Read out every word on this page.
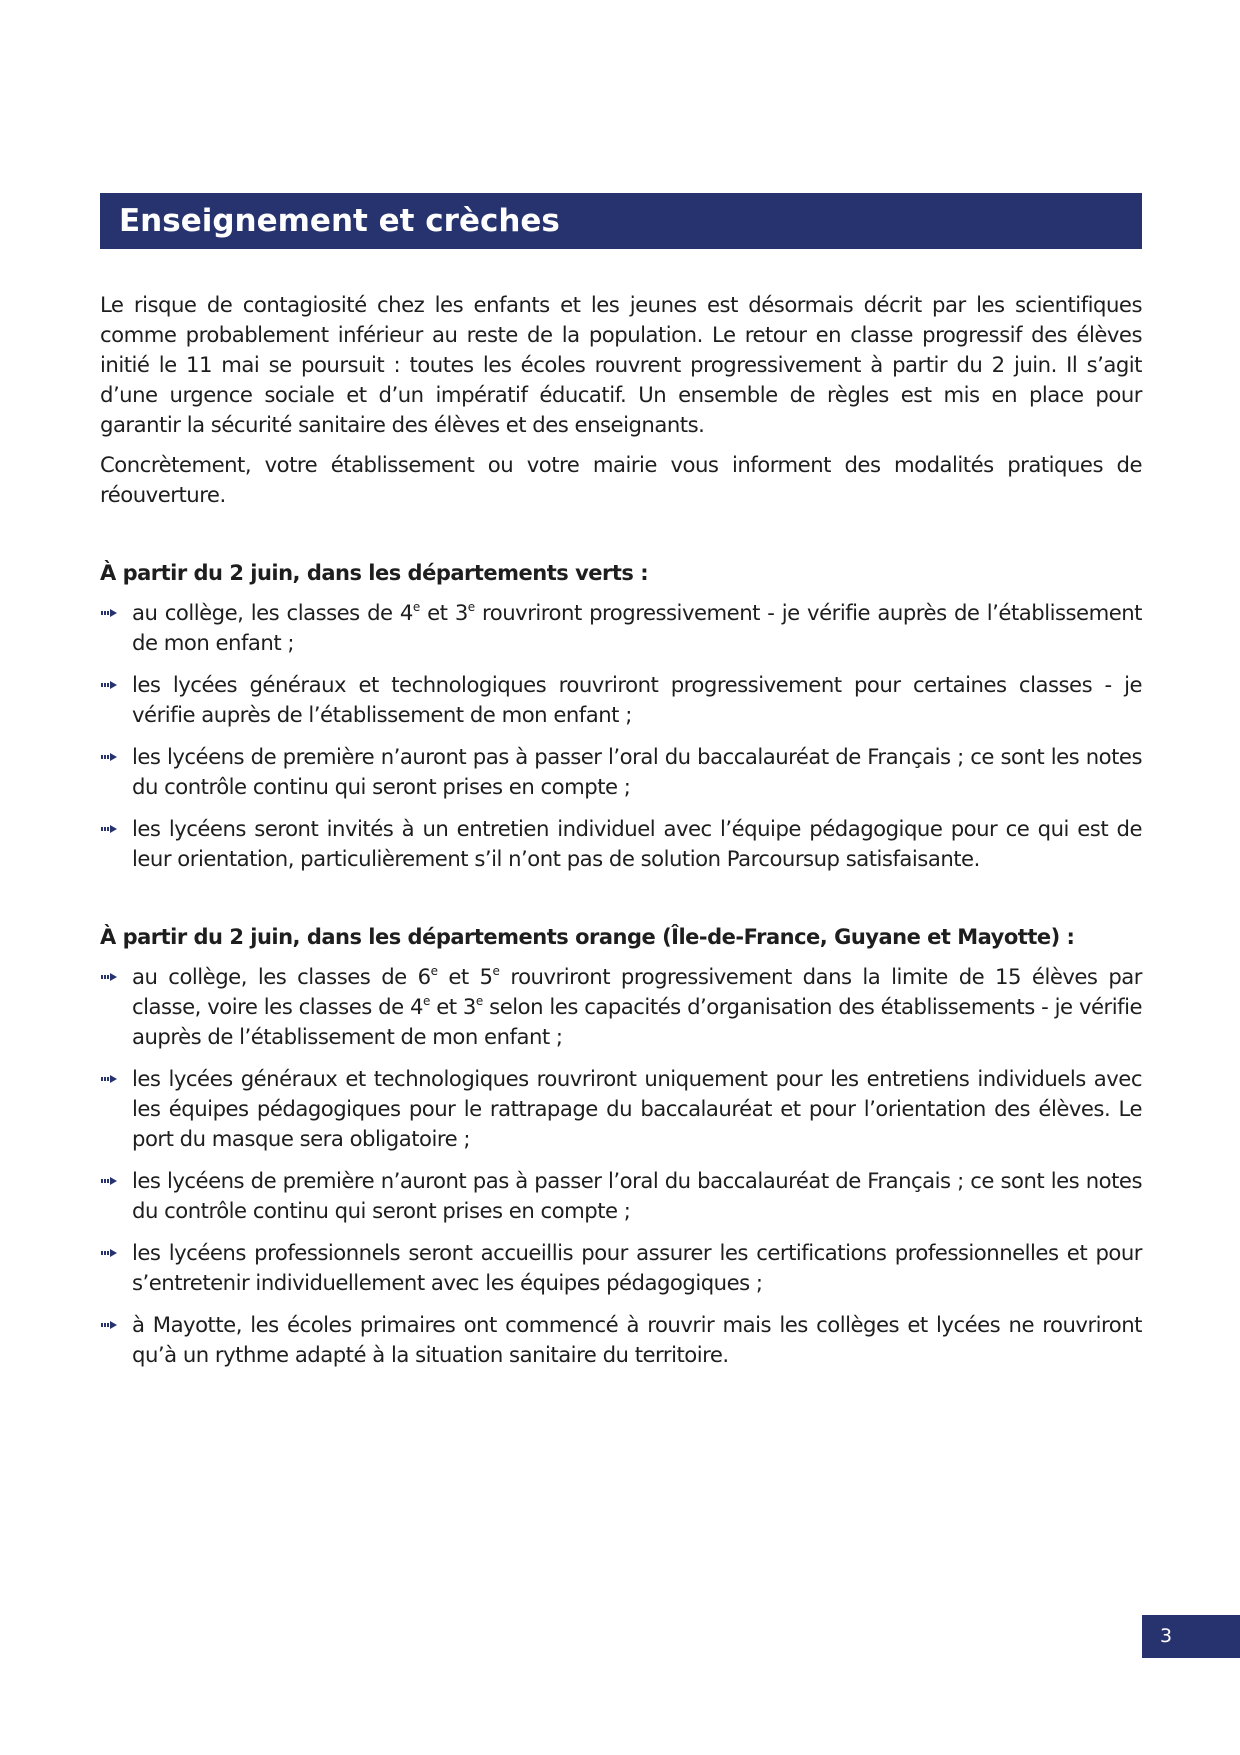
Enseignement et crèches

Le risque de contagiosité chez les enfants et les jeunes est désormais décrit par les scientifiques comme probablement inférieur au reste de la population. Le retour en classe progressif des élèves initié le 11 mai se poursuit : toutes les écoles rouvrent progressivement à partir du 2 juin. Il s’agit d’une urgence sociale et d’un impératif éducatif. Un ensemble de règles est mis en place pour garantir la sécurité sanitaire des élèves et des enseignants.

Concrètement, votre établissement ou votre mairie vous informent des modalités pratiques de réouverture.

À partir du 2 juin, dans les départements verts :
au collège, les classes de 4e et 3e rouvriront progressivement - je vérifie auprès de l’établissement de mon enfant ;
les lycées généraux et technologiques rouvriront progressivement pour certaines classes - je vérifie auprès de l’établissement de mon enfant ;
les lycéens de première n’auront pas à passer l’oral du baccalauréat de Français ; ce sont les notes du contrôle continu qui seront prises en compte ;
les lycéens seront invités à un entretien individuel avec l’équipe pédagogique pour ce qui est de leur orientation, particulièrement s’il n’ont pas de solution Parcoursup satisfaisante.
À partir du 2 juin, dans les départements orange (Île-de-France, Guyane et Mayotte) :
au collège, les classes de 6e et 5e rouvriront progressivement dans la limite de 15 élèves par classe, voire les classes de 4e et 3e selon les capacités d’organisation des établissements - je vérifie auprès de l’établissement de mon enfant ;
les lycées généraux et technologiques rouvriront uniquement pour les entretiens individuels avec les équipes pédagogiques pour le rattrapage du baccalauréat et pour l’orientation des élèves. Le port du masque sera obligatoire ;
les lycéens de première n’auront pas à passer l’oral du baccalauréat de Français ; ce sont les notes du contrôle continu qui seront prises en compte ;
les lycéens professionnels seront accueillis pour assurer les certifications professionnelles et pour s’entretenir individuellement avec les équipes pédagogiques ;
à Mayotte, les écoles primaires ont commencé à rouvrir mais les collèges et lycées ne rouvriront qu’à un rythme adapté à la situation sanitaire du territoire.
3
